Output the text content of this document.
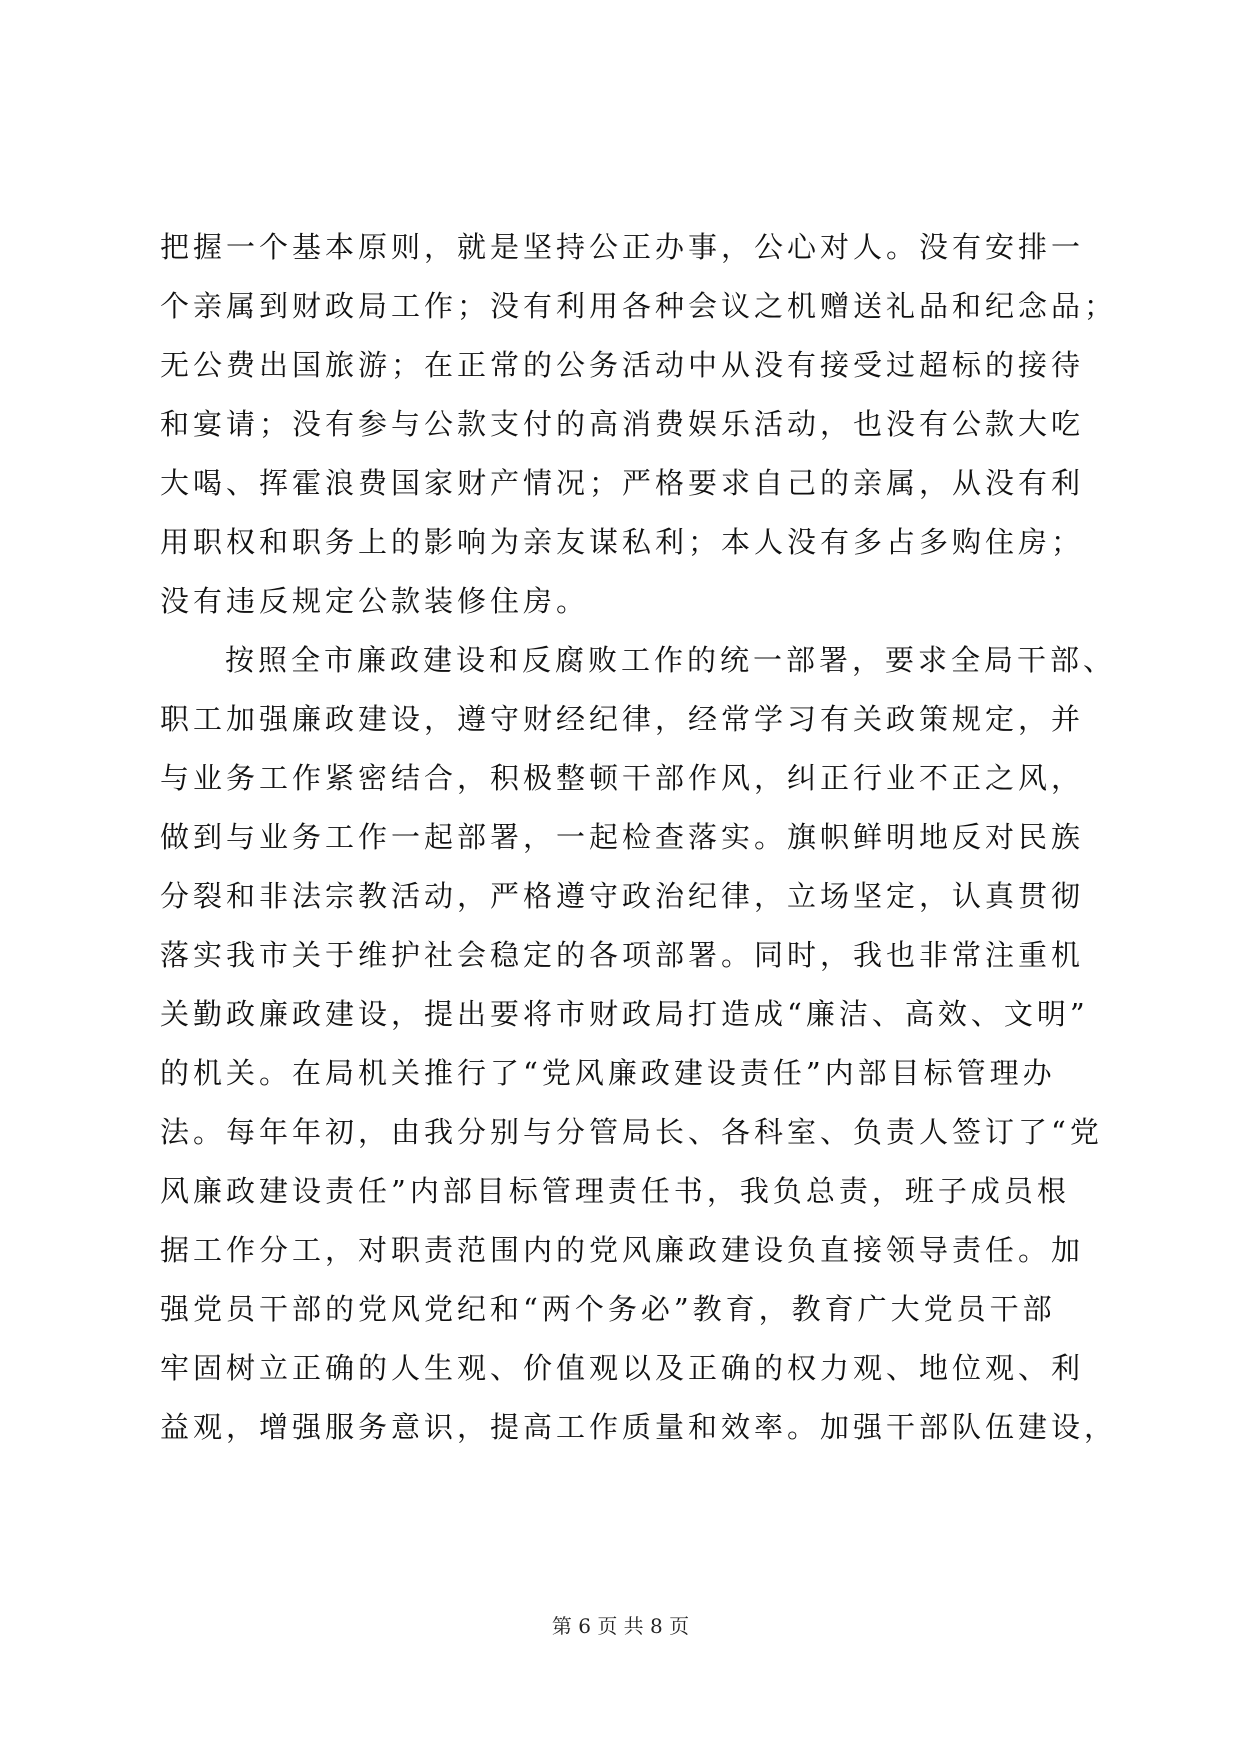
把握一个基本原则，就是坚持公正办事，公心对人。没有安排一
个亲属到财政局工作；没有利用各种会议之机赠送礼品和纪念品；
无公费出国旅游；在正常的公务活动中从没有接受过超标的接待
和宴请；没有参与公款支付的高消费娱乐活动，也没有公款大吃
大喝、挥霍浪费国家财产情况；严格要求自己的亲属，从没有利
用职权和职务上的影响为亲友谋私利；本人没有多占多购住房；
没有违反规定公款装修住房。
按照全市廉政建设和反腐败工作的统一部署，要求全局干部、
职工加强廉政建设，遵守财经纪律，经常学习有关政策规定，并
与业务工作紧密结合，积极整顿干部作风，纠正行业不正之风，
做到与业务工作一起部署，一起检查落实。旗帜鲜明地反对民族
分裂和非法宗教活动，严格遵守政治纪律，立场坚定，认真贯彻
落实我市关于维护社会稳定的各项部署。同时，我也非常注重机
关勤政廉政建设，提出要将市财政局打造成“廉洁、高效、文明”
的机关。在局机关推行了“党风廉政建设责任”内部目标管理办
法。每年年初，由我分别与分管局长、各科室、负责人签订了“党
风廉政建设责任”内部目标管理责任书，我负总责，班子成员根
据工作分工，对职责范围内的党风廉政建设负直接领导责任。加
强党员干部的党风党纪和“两个务必”教育，教育广大党员干部
牢固树立正确的人生观、价值观以及正确的权力观、地位观、利
益观，增强服务意识，提高工作质量和效率。加强干部队伍建设，
第 6 页 共 8 页
